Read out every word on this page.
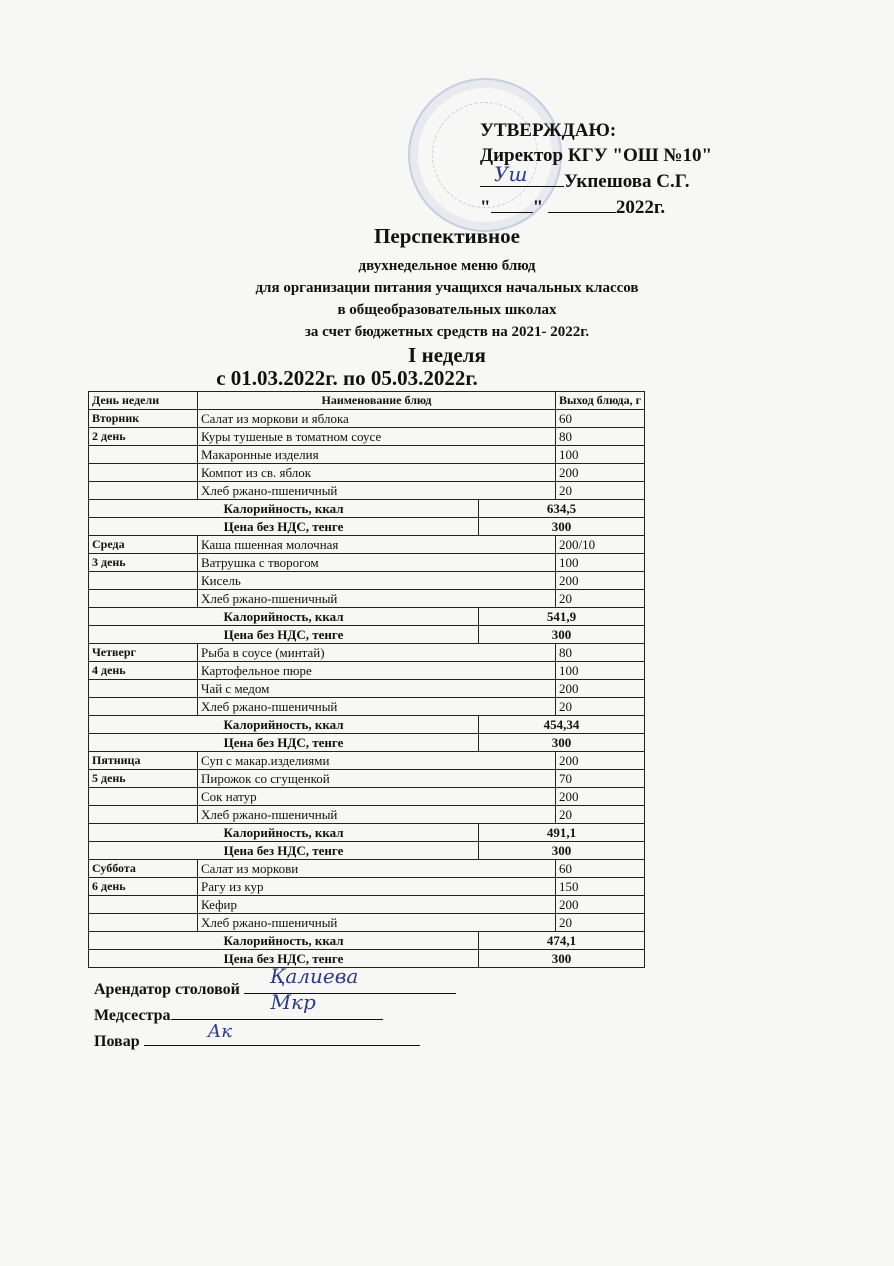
УТВЕРЖДАЮ:
Директор КГУ "ОШ №10"
Уш Укпешова С.Г.
" "	2022г.
Перспективное
двухнедельное меню блюд
для организации питания учащихся начальных классов
в общеобразовательных школах
за счет бюджетных средств на 2021- 2022г.
I неделя
с 01.03.2022г. по 05.03.2022г.
День недели	Наименование блюд		Выход блюда, г
Вторник	Салат из моркови и яблока		60
2 день	Куры тушеные в томатном соусе		80
	Макаронные изделия		100
	Компот из св. яблок		200
	Хлеб ржано-пшеничный		20
Калорийность, ккал		634,5	
Цена без НДС, тенге		300	
Среда	Каша пшенная молочная		200/10
3 день	Ватрушка с творогом		100
	Кисель		200
	Хлеб ржано-пшеничный		20
Калорийность, ккал		541,9	
Цена без НДС, тенге		300	
Четверг	Рыба в соусе (минтай)		80
4 день	Картофельное пюре		100
	Чай с медом		200
	Хлеб ржано-пшеничный		20
Калорийность, ккал		454,34	
Цена без НДС, тенге		300	
Пятница	Суп с макар.изделиями		200
5 день	Пирожок со сгущенкой		70
	Сок натур		200
	Хлеб ржано-пшеничный		20
Калорийность, ккал		491,1	
Цена без НДС, тенге		300	
Суббота	Салат из моркови		60
6 день	Рагу из кур		150
	Кефир		200
	Хлеб ржано-пшеничный		20
Калорийность, ккал		474,1	
Цена без НДС, тенге		300	
Арендатор столовой
Қалиева
Медсестра
Мкр
Повар	Ак
